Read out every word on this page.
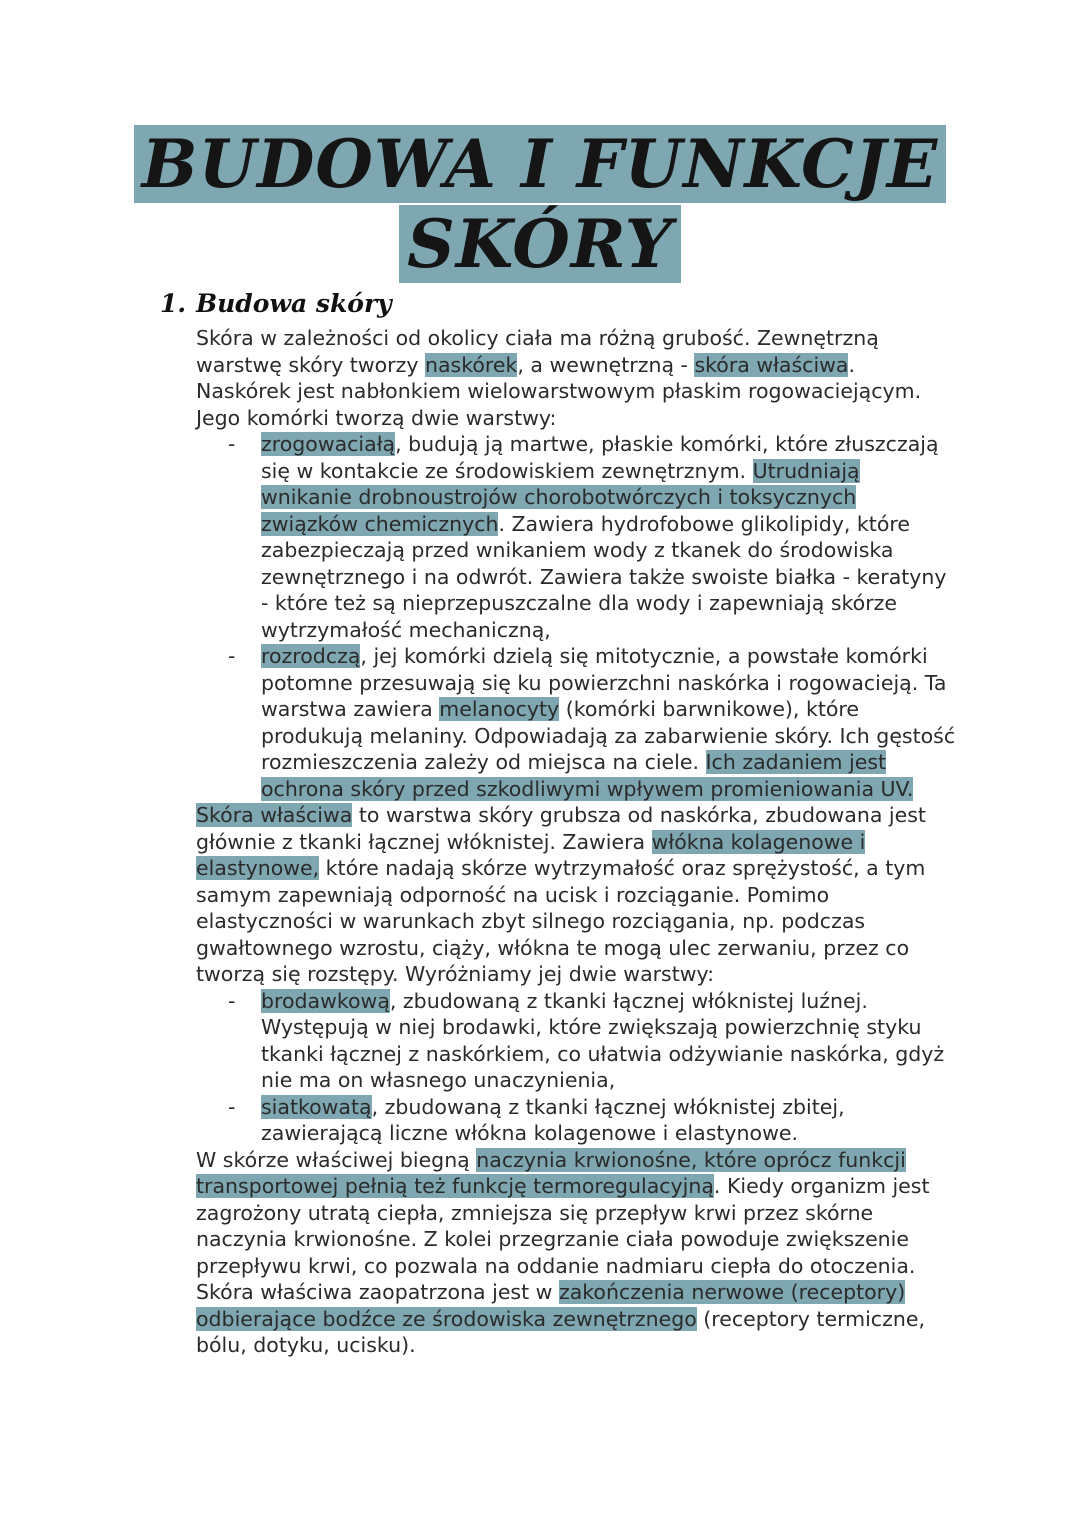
BUDOWA I FUNKCJE
SKÓRY
1. Budowa skóry

Skóra w zależności od okolicy ciała ma różną grubość. Zewnętrzną warstwę skóry tworzy naskórek, a wewnętrzną - skóra właściwa. Naskórek jest nabłonkiem wielowarstwowym płaskim rogowaciejącym. Jego komórki tworzą dwie warstwy:

- zrogowaciałą, budują ją martwe, płaskie komórki, które złuszczają się w kontakcie ze środowiskiem zewnętrznym. Utrudniają wnikanie drobnoustrojów chorobotwórczych i toksycznych związków chemicznych. Zawiera hydrofobowe glikolipidy, które zabezpieczają przed wnikaniem wody z tkanek do środowiska zewnętrznego i na odwrót. Zawiera także swoiste białka - keratyny - które też są nieprzepuszczalne dla wody i zapewniają skórze wytrzymałość mechaniczną,
- rozrodczą, jej komórki dzielą się mitotycznie, a powstałe komórki potomne przesuwają się ku powierzchni naskórka i rogowacieją. Ta warstwa zawiera melanocyty (komórki barwnikowe), które produkują melaniny. Odpowiadają za zabarwienie skóry. Ich gęstość rozmieszczenia zależy od miejsca na ciele. Ich zadaniem jest ochrona skóry przed szkodliwymi wpływem promieniowania UV.

Skóra właściwa to warstwa skóry grubsza od naskórka, zbudowana jest głównie z tkanki łącznej włóknistej. Zawiera włókna kolagenowe i elastynowe, które nadają skórze wytrzymałość oraz sprężystość, a tym samym zapewniają odporność na ucisk i rozciąganie. Pomimo elastyczności w warunkach zbyt silnego rozciągania, np. podczas gwałtownego wzrostu, ciąży, włókna te mogą ulec zerwaniu, przez co tworzą się rozstępy. Wyróżniamy jej dwie warstwy:

- brodawkową, zbudowaną z tkanki łącznej włóknistej luźnej. Występują w niej brodawki, które zwiększają powierzchnię styku tkanki łącznej z naskórkiem, co ułatwia odżywianie naskórka, gdyż nie ma on własnego unaczynienia,
- siatkowatą, zbudowaną z tkanki łącznej włóknistej zbitej, zawierającą liczne włókna kolagenowe i elastynowe.

W skórze właściwej biegną naczynia krwionośne, które oprócz funkcji transportowej pełnią też funkcję termoregulacyjną. Kiedy organizm jest zagrożony utratą ciepła, zmniejsza się przepływ krwi przez skórne naczynia krwionośne. Z kolei przegrzanie ciała powoduje zwiększenie przepływu krwi, co pozwala na oddanie nadmiaru ciepła do otoczenia. Skóra właściwa zaopatrzona jest w zakończenia nerwowe (receptory) odbierające bodźce ze środowiska zewnętrznego (receptory termiczne, bólu, dotyku, ucisku).
